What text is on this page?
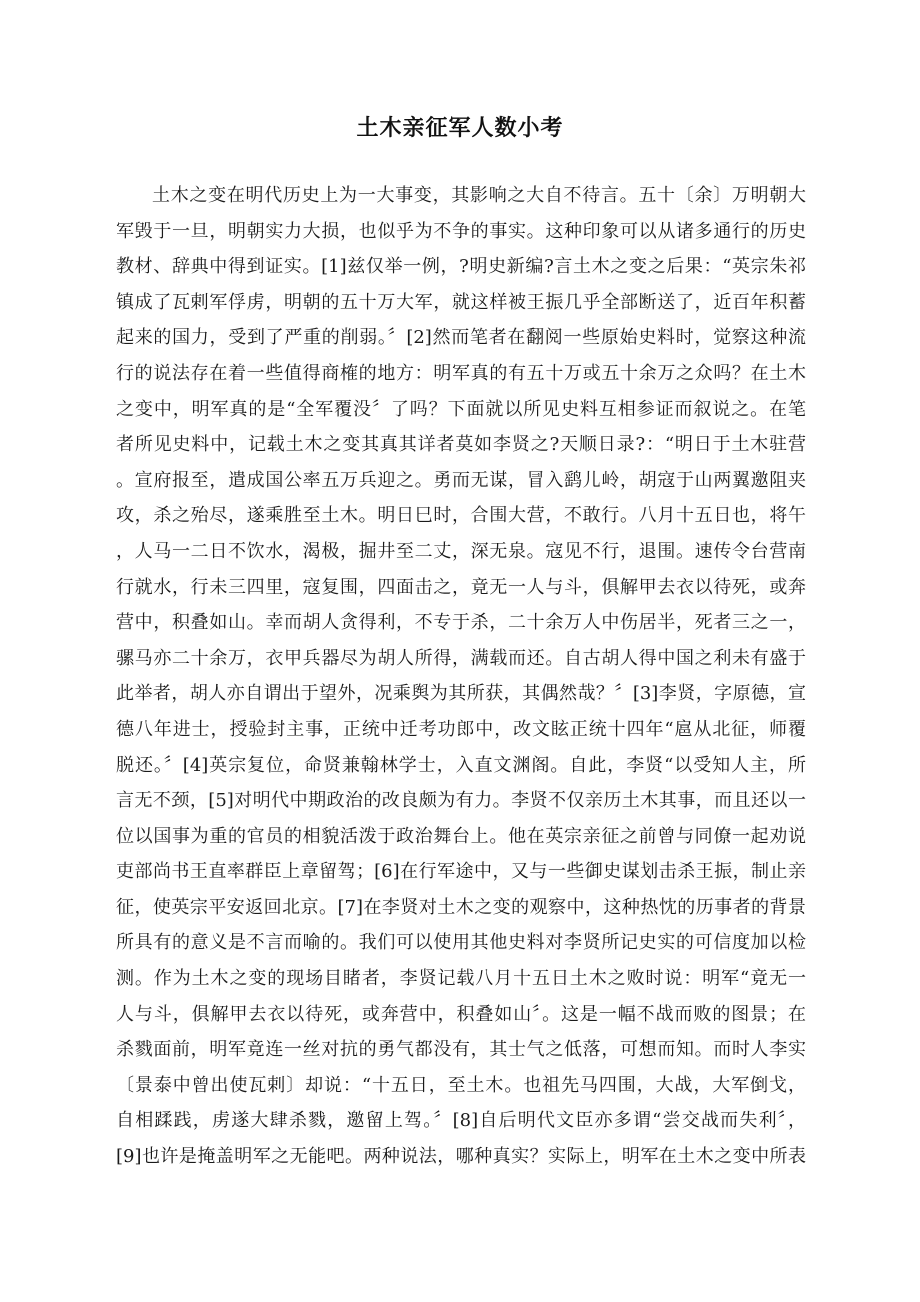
土木亲征军人数小考
土木之变在明代历史上为一大事变，其影响之大自不待言。五十〔余〕万明朝大
军毁于一旦，明朝实力大损，也似乎为不争的事实。这种印象可以从诸多通行的历史
教材、辞典中得到证实。[1]兹仅举一例，?明史新编?言土木之变之后果：“英宗朱祁
镇成了瓦剌军俘虏，明朝的五十万大军，就这样被王振几乎全部断送了，近百年积蓄
起来的国力，受到了严重的削弱。〞[2]然而笔者在翻阅一些原始史料时，觉察这种流
行的说法存在着一些值得商榷的地方：明军真的有五十万或五十余万之众吗？在土木
之变中，明军真的是“全军覆没〞了吗？下面就以所见史料互相参证而叙说之。在笔
者所见史料中，记载土木之变其真其详者莫如李贤之?天顺日录?：“明日于土木驻营
。宣府报至，遣成国公率五万兵迎之。勇而无谋，冒入鹞儿岭，胡寇于山两翼邀阻夹
攻，杀之殆尽，遂乘胜至土木。明日巳时，合围大营，不敢行。八月十五日也，将午
，人马一二日不饮水，渴极，掘井至二丈，深无泉。寇见不行，退围。速传令台营南
行就水，行未三四里，寇复围，四面击之，竟无一人与斗，俱解甲去衣以待死，或奔
营中，积叠如山。幸而胡人贪得利，不专于杀，二十余万人中伤居半，死者三之一，
骡马亦二十余万，衣甲兵器尽为胡人所得，满载而还。自古胡人得中国之利未有盛于
此举者，胡人亦自谓出于望外，况乘舆为其所获，其偶然哉？〞[3]李贤，字原德，宣
德八年进士，授验封主事，正统中迁考功郎中，改文眩正统十四年“扈从北征，师覆
脱还。〞[4]英宗复位，命贤兼翰林学士，入直文渊阁。自此，李贤“以受知人主，所
言无不颈，[5]对明代中期政治的改良颇为有力。李贤不仅亲历土木其事，而且还以一
位以国事为重的官员的相貌活泼于政治舞台上。他在英宗亲征之前曾与同僚一起劝说
吏部尚书王直率群臣上章留驾；[6]在行军途中，又与一些御史谋划击杀王振，制止亲
征，使英宗平安返回北京。[7]在李贤对土木之变的观察中，这种热忱的历事者的背景
所具有的意义是不言而喻的。我们可以使用其他史料对李贤所记史实的可信度加以检
测。作为土木之变的现场目睹者，李贤记载八月十五日土木之败时说：明军“竟无一
人与斗，俱解甲去衣以待死，或奔营中，积叠如山〞。这是一幅不战而败的图景；在
杀戮面前，明军竟连一丝对抗的勇气都没有，其士气之低落，可想而知。而时人李实
〔景泰中曾出使瓦剌〕却说：“十五日，至土木。也祖先马四围，大战，大军倒戈，
自相蹂践，虏遂大肆杀戮，邀留上驾。〞[8]自后明代文臣亦多谓“尝交战而失利〞，
[9]也许是掩盖明军之无能吧。两种说法，哪种真实？实际上，明军在土木之变中所表
